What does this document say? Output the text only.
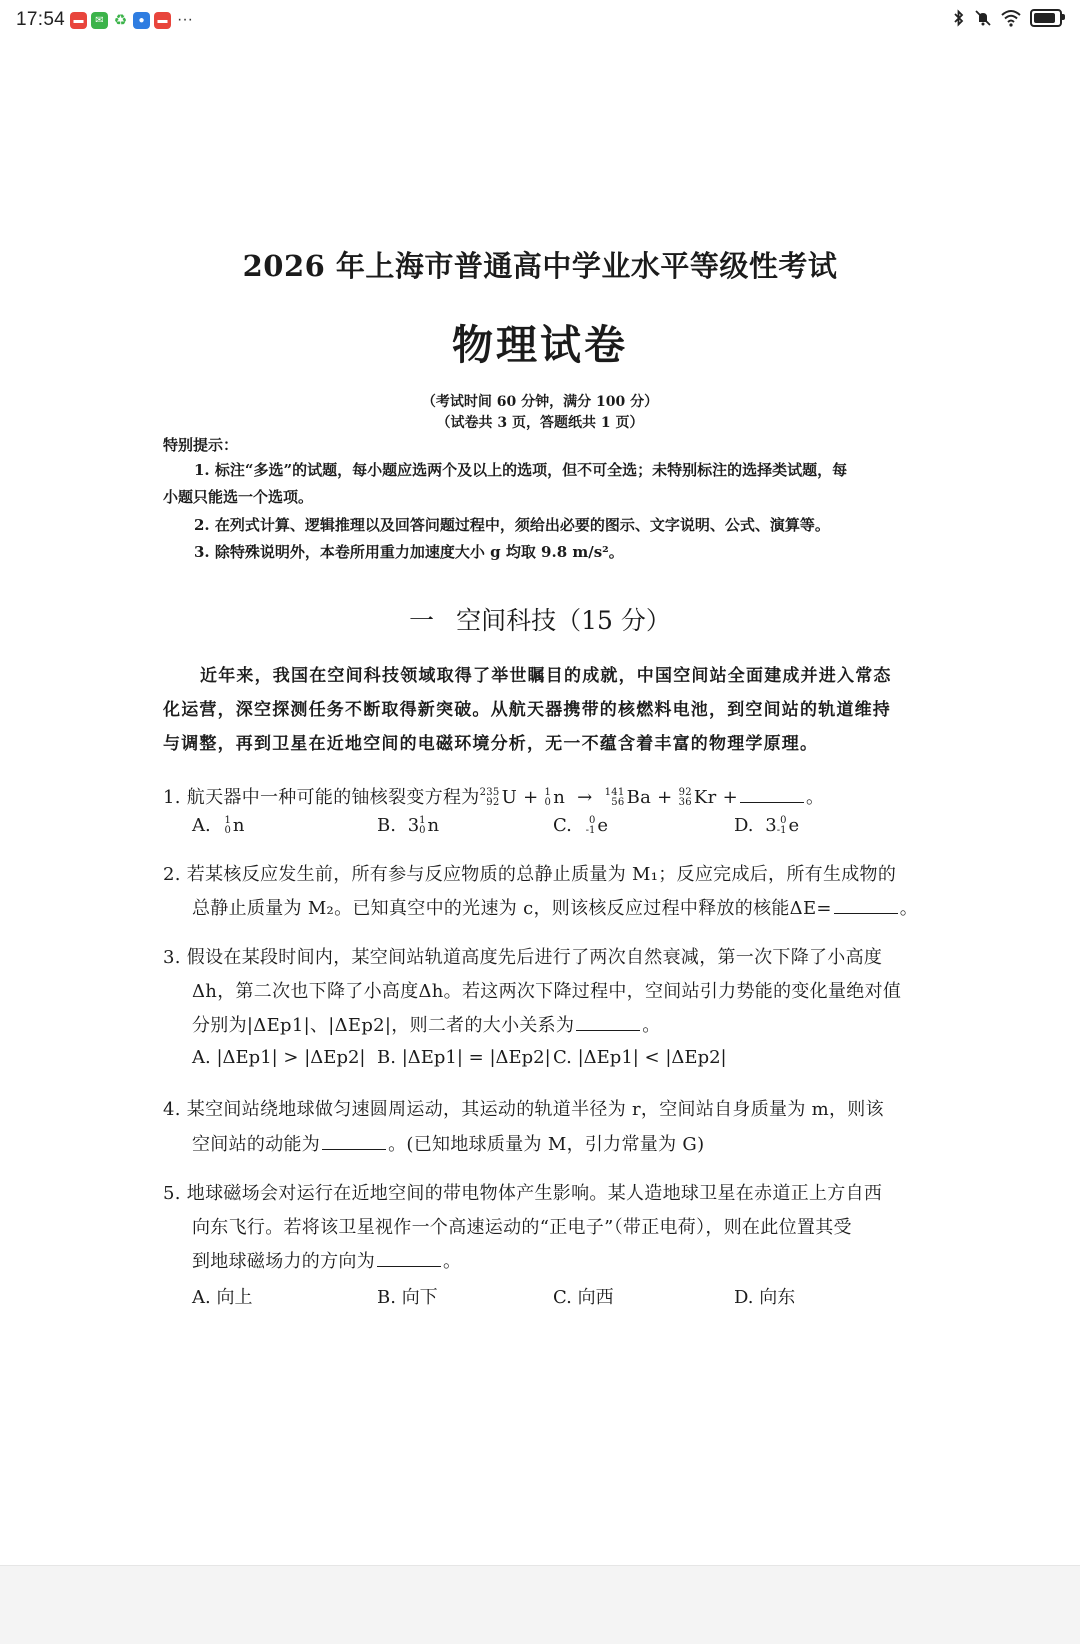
17:54 ▬	✉ ♻	●	▬ ···
2026 年上海市普通高中学业水平等级性考试
物理试卷
（考试时间 60 分钟，满分 100 分）
（试卷共 3 页，答题纸共 1 页）
特别提示：
1. 标注“多选”的试题，每小题应选两个及以上的选项，但不可全选；未特别标注的选择类试题，每
小题只能选一个选项。
2. 在列式计算、逻辑推理以及回答问题过程中，须给出必要的图示、文字说明、公式、演算等。
3. 除特殊说明外，本卷所用重力加速度大小 g 均取 9.8 m/s²。
一 空间科技（15 分）
近年来，我国在空间科技领域取得了举世瞩目的成就，中国空间站全面建成并进入常态
化运营，深空探测任务不断取得新突破。从航天器携带的核燃料电池，到空间站的轨道维持
与调整，再到卫星在近地空间的电磁环境分析，无一不蕴含着丰富的物理学原理。
1. 航天器中一种可能的铀核裂变方程为 235
92 U + 1
0 n → 141
56 Ba + 92
36 Kr +	。
A. 1
0 n	B. 3 1
0 n	C.	0
-1 e	D. 3 0
-1 e
2. 若某核反应发生前，所有参与反应物质的总静止质量为 M₁；反应完成后，所有生成物的
总静止质量为 M₂。已知真空中的光速为 c，则该核反应过程中释放的核能ΔE=	。
3. 假设在某段时间内，某空间站轨道高度先后进行了两次自然衰减，第一次下降了小高度
Δh，第二次也下降了小高度Δh。若这两次下降过程中，空间站引力势能的变化量绝对值
分别为|ΔEp1|、|ΔEp2|，则二者的大小关系为	。
A. |ΔEp1| > |ΔEp2| B. |ΔEp1| = |ΔEp2| C. |ΔEp1| < |ΔEp2|
4. 某空间站绕地球做匀速圆周运动，其运动的轨道半径为 r，空间站自身质量为 m，则该
空间站的动能为	。(已知地球质量为 M，引力常量为 G)
5. 地球磁场会对运行在近地空间的带电物体产生影响。某人造地球卫星在赤道正上方自西
向东飞行。若将该卫星视作一个高速运动的“正电子”（带正电荷），则在此位置其受
到地球磁场力的方向为	。
A. 向上	B. 向下	C. 向西	D. 向东
